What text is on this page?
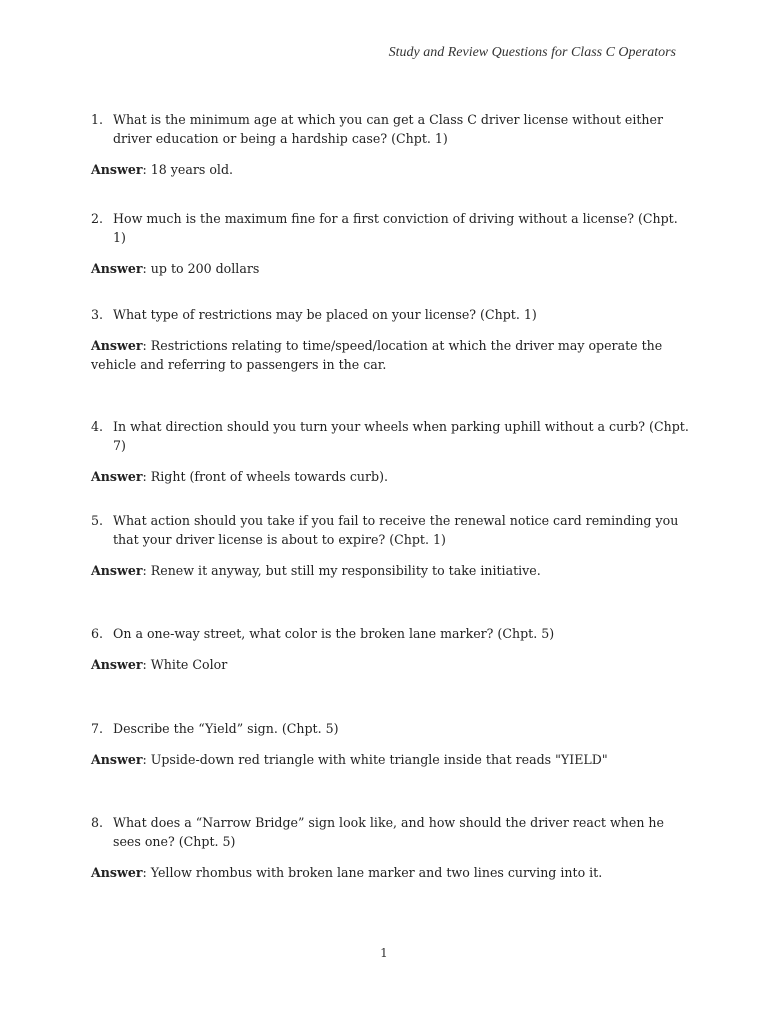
Study and Review Questions for Class C Operators

1. What is the minimum age at which you can get a Class C driver license without either driver education or being a hardship case? (Chpt. 1)

Answer: 18 years old.

2. How much is the maximum fine for a first conviction of driving without a license? (Chpt. 1)

Answer: up to 200 dollars

3. What type of restrictions may be placed on your license? (Chpt. 1)

Answer: Restrictions relating to time/speed/location at which the driver may operate the vehicle and referring to passengers in the car.

4. In what direction should you turn your wheels when parking uphill without a curb? (Chpt. 7)

Answer: Right (front of wheels towards curb).

5. What action should you take if you fail to receive the renewal notice card reminding you that your driver license is about to expire? (Chpt. 1)

Answer: Renew it anyway, but still my responsibility to take initiative.

6. On a one-way street, what color is the broken lane marker? (Chpt. 5)

Answer: White Color

7. Describe the “Yield” sign. (Chpt. 5)

Answer: Upside-down red triangle with white triangle inside that reads "YIELD"

8. What does a “Narrow Bridge” sign look like, and how should the driver react when he sees one? (Chpt. 5)

Answer: Yellow rhombus with broken lane marker and two lines curving into it.

1
